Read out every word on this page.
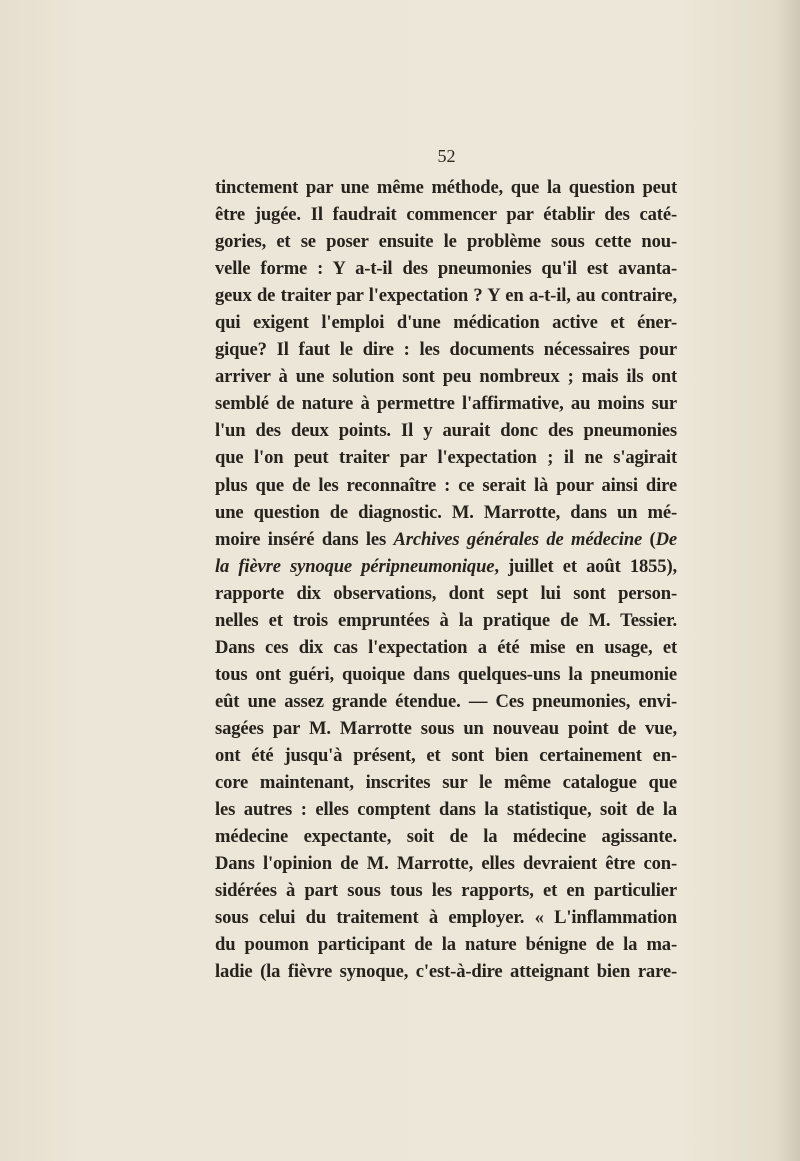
52
tinctement par une même méthode, que la question peut
être jugée. Il faudrait commencer par établir des caté-
gories, et se poser ensuite le problème sous cette nou-
velle forme : Y a-t-il des pneumonies qu'il est avanta-
geux de traiter par l'expectation ? Y en a-t-il, au contraire,
qui exigent l'emploi d'une médication active et éner-
gique? Il faut le dire : les documents nécessaires pour
arriver à une solution sont peu nombreux ; mais ils ont
semblé de nature à permettre l'affirmative, au moins sur
l'un des deux points. Il y aurait donc des pneumonies
que l'on peut traiter par l'expectation ; il ne s'agirait
plus que de les reconnaître : ce serait là pour ainsi dire
une question de diagnostic. M. Marrotte, dans un mé-
moire inséré dans les Archives générales de médecine (De
la fièvre synoque péripneumonique, juillet et août 1855),
rapporte dix observations, dont sept lui sont person-
nelles et trois empruntées à la pratique de M. Tessier.
Dans ces dix cas l'expectation a été mise en usage, et
tous ont guéri, quoique dans quelques-uns la pneumonie
eût une assez grande étendue. — Ces pneumonies, envi-
sagées par M. Marrotte sous un nouveau point de vue,
ont été jusqu'à présent, et sont bien certainement en-
core maintenant, inscrites sur le même catalogue que
les autres : elles comptent dans la statistique, soit de la
médecine expectante, soit de la médecine agissante.
Dans l'opinion de M. Marrotte, elles devraient être con-
sidérées à part sous tous les rapports, et en particulier
sous celui du traitement à employer. « L'inflammation
du poumon participant de la nature bénigne de la ma-
ladie (la fièvre synoque, c'est-à-dire atteignant bien rare-
